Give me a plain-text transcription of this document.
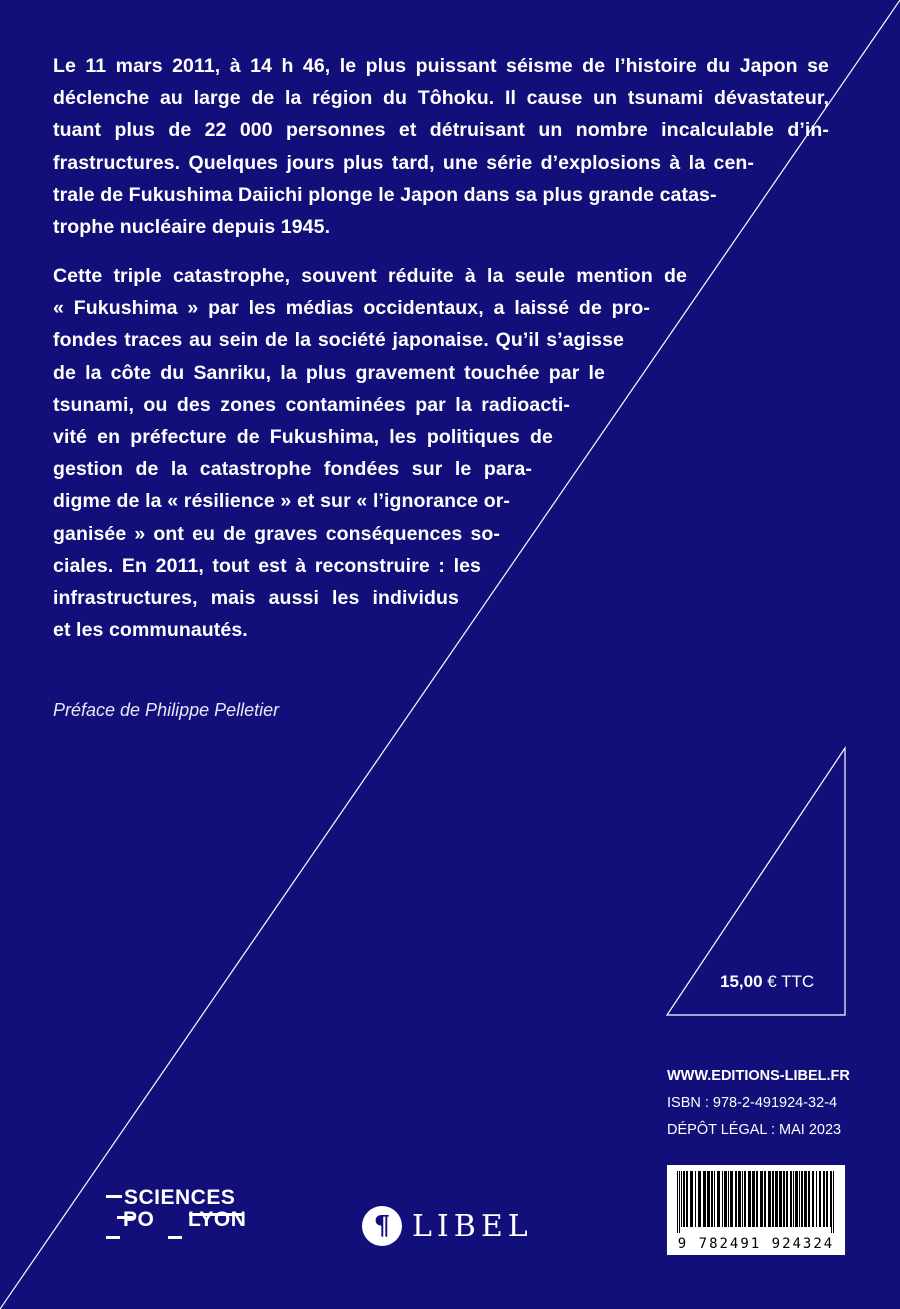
Le 11 mars 2011, à 14 h 46, le plus puissant séisme de l’histoire du Japon se
déclenche au large de la région du Tôhoku. Il cause un tsunami dévastateur,
tuant plus de 22 000 personnes et détruisant un nombre incalculable d’in-
frastructures. Quelques jours plus tard, une série d’explosions à la cen-
trale de Fukushima Daiichi plonge le Japon dans sa plus grande catas-
trophe nucléaire depuis 1945.
Cette triple catastrophe, souvent réduite à la seule mention de
« Fukushima » par les médias occidentaux, a laissé de pro-
fondes traces au sein de la société japonaise. Qu’il s’agisse
de la côte du Sanriku, la plus gravement touchée par le
tsunami, ou des zones contaminées par la radioacti-
vité en préfecture de Fukushima, les politiques de
gestion de la catastrophe fondées sur le para-
digme de la « résilience » et sur « l’ignorance or-
ganisée » ont eu de graves conséquences so-
ciales. En 2011, tout est à reconstruire : les
infrastructures, mais aussi les individus
et les communautés.
Préface de Philippe Pelletier
15,00 € TTC
WWW.EDITIONS-LIBEL.FR
ISBN : 978-2-491924-32-4
DÉPÔT LÉGAL : MAI 2023
9 782491 924324
SCIENCES
PO LYON	¶ LIBEL
